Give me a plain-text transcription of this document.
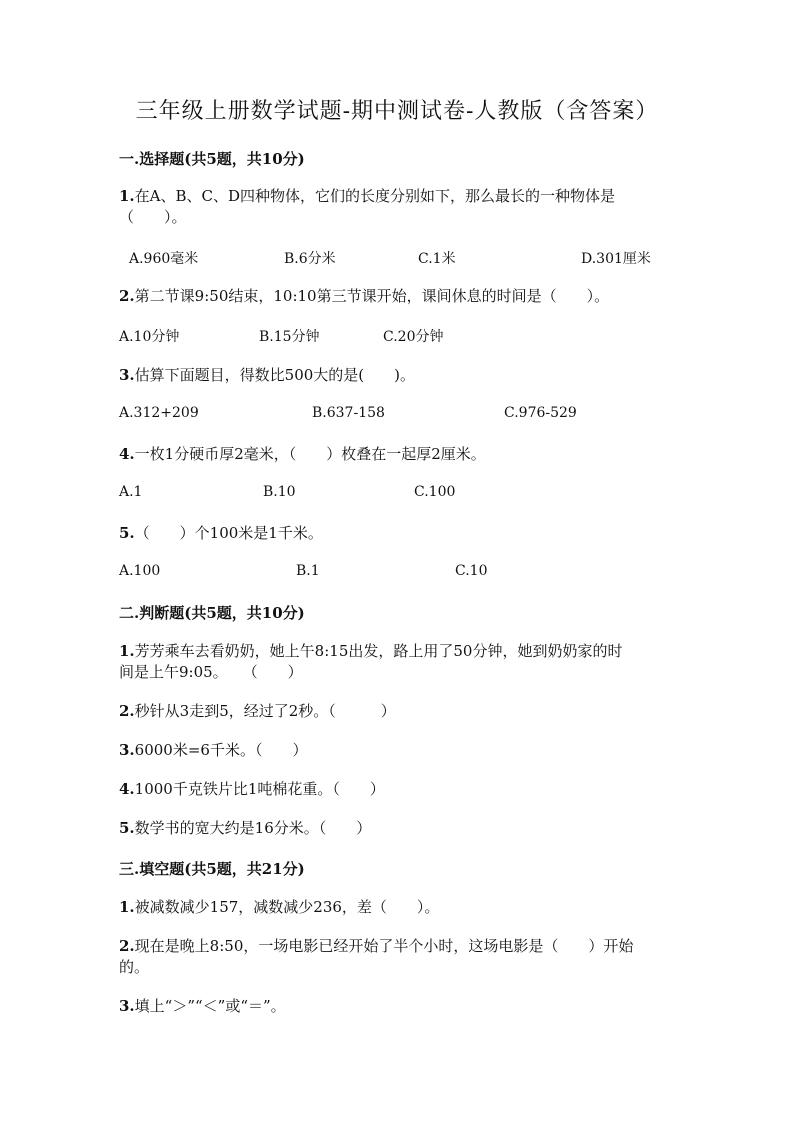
三年级上册数学试题-期中测试卷-人教版（含答案）
一.选择题(共5题，共10分)
1.在A、B、C、D四种物体，它们的长度分别如下，那么最长的一种物体是
（　　）。
A.960毫米	B.6分米	C.1米	D.301厘米
2.第二节课9:50结束，10:10第三节课开始，课间休息的时间是（　　）。
A.10分钟	B.15分钟	C.20分钟
3.估算下面题目，得数比500大的是(　　)。
A.312+209	B.637-158	C.976-529
4.一枚1分硬币厚2毫米，（　　）枚叠在一起厚2厘米。
A.1	B.10	C.100
5.（　　）个100米是1千米。
A.100	B.1	C.10
二.判断题(共5题，共10分)
1.芳芳乘车去看奶奶，她上午8:15出发，路上用了50分钟，她到奶奶家的时
间是上午9:05。　　（　　）
2.秒针从3走到5，经过了2秒。（　　　）
3.6000米=6千米。（　　）
4.1000千克铁片比1吨棉花重。（　　）
5.数学书的宽大约是16分米。（　　）
三.填空题(共5题，共21分)
1.被减数减少157，减数减少236，差（　　）。
2.现在是晚上8:50，一场电影已经开始了半个小时，这场电影是（　　）开始
的。
3.填上“＞”“＜”或“＝”。
